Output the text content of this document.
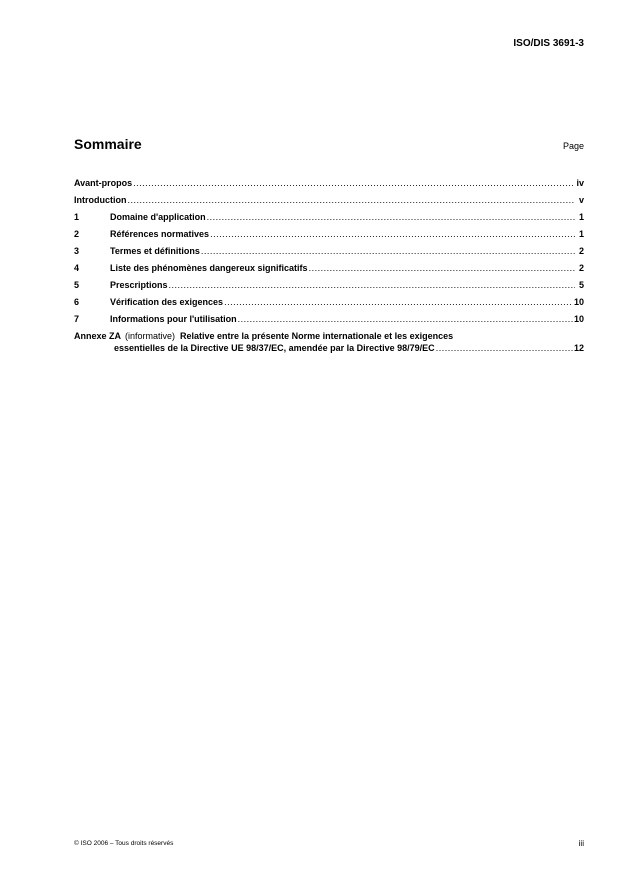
ISO/DIS 3691-3
Sommaire	Page
Avant-propos .....	iv
Introduction .....	v
1	Domaine d'application .....	1
2	Références normatives .....	1
3	Termes et définitions .....	2
4	Liste des phénomènes dangereux significatifs .....	2
5	Prescriptions .....	5
6	Vérification des exigences .....	10
7	Informations pour l'utilisation .....	10
Annexe ZA (informative) Relative entre la présente Norme internationale et les exigences
essentielles de la Directive UE 98/37/EC, amendée par la Directive 98/79/EC .....	12
© ISO 2006 – Tous droits réservés	iii
